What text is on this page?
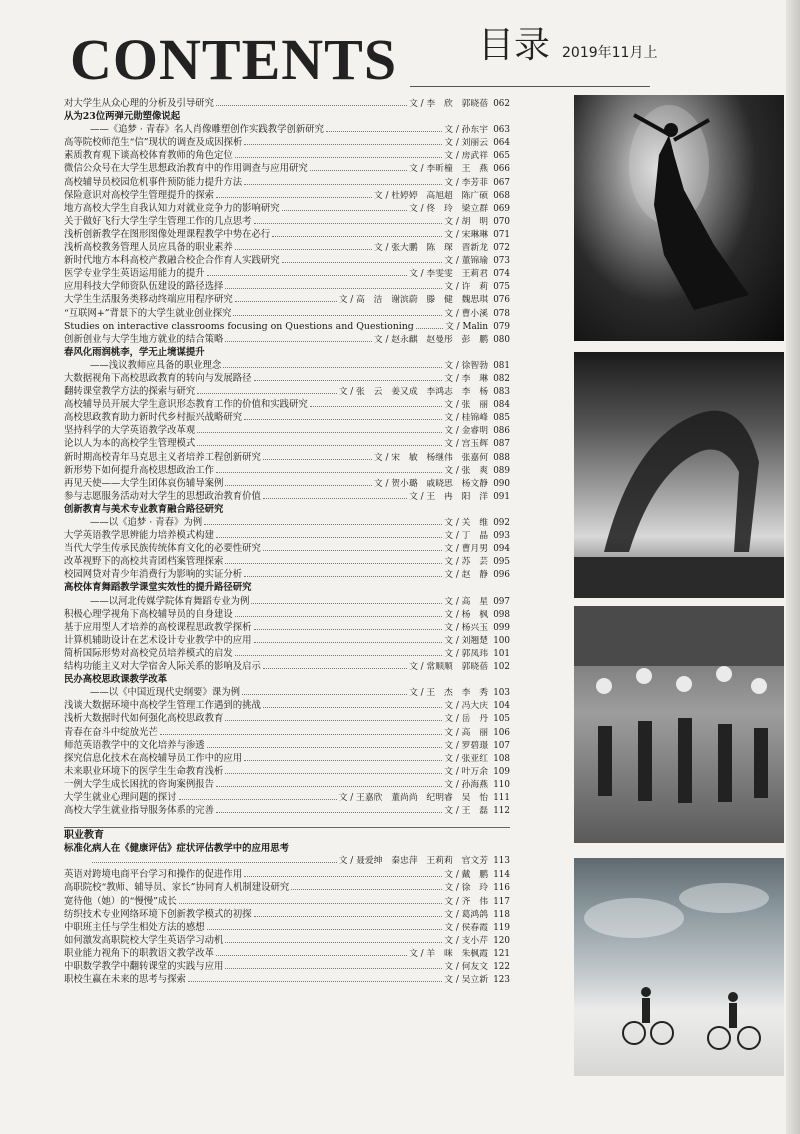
CONTENTS 目录 2019年11月上
对大学生从众心理的分析及引导研究	文 / 李　欣　郭晓蓓 062
从为23位两弹元勋塑像说起
——《追梦 · 青春》名人肖像雕塑创作实践教学创新研究	文 / 孙东宇 063
高等院校师范生“信”现状的调查及成因探析	文 / 刘丽云 064
素质教育观下谈高校体育教师的角色定位	文 / 房武祥 065
微信公众号在大学生思想政治教育中的作用调查与应用研究	文 / 李昕橦　王　燕 066
高校辅导员校园危机事件预防能力提升方法	文 / 李芳菲 067
保险意识对高校学生管理提升的探索	文 / 杜婷婷　高旭超　陈广硕 068
地方高校大学生自我认知力对就业竞争力的影响研究	文 / 佟　玲　梁立群 069
关于做好飞行大学生学生管理工作的几点思考	文 / 胡　明 070
浅析创新教学在图形图像处理课程教学中势在必行	文 / 宋琳琳 071
浅析高校教务管理人员应具备的职业素养	文 / 张大鹏　陈　琛　晋新龙 072
新时代地方本科高校产教融合校企合作育人实践研究	文 / 董锦瑜 073
医学专业学生英语运用能力的提升	文 / 李雯雯　王莉君 074
应用科技大学师资队伍建设的路径选择	文 / 许　莉 075
大学生生活服务类移动终端应用程序研究	文 / 高　洁　谢滨蔚　滕　健　魏思琪 076
“互联网+”背景下的大学生就业创业探究	文 / 曹小溪 078
Studies on interactive classrooms focusing on Questions and Questioning	文 / Malin 079
创新创业与大学生地方就业的结合策略	文 / 赵永麒　赵曼彤　彭　鹏 080
春风化雨润桃李，学无止境谋提升
——浅议教师应具备的职业理念	文 / 徐智勃 081
大数据视角下高校思政教育的转向与发展路径	文 / 李　琳 082
翻转课堂教学方法的探索与研究	文 / 张　云　姜又成　李鸿志　李　杨 083
高校辅导员开展大学生意识形态教育工作的价值和实践研究	文 / 张　丽 084
高校思政教育助力新时代乡村振兴战略研究	文 / 桂锦峰 085
坚持科学的大学英语教学改革观	文 / 金睿明 086
论以人为本的高校学生管理模式	文 / 宫玉辉 087
新时期高校青年马克思主义者培养工程创新研究	文 / 宋　敏　杨继伟　张嘉何 088
新形势下如何提升高校思想政治工作	文 / 张　爽 089
再见天使——大学生团体哀伤辅导案例	文 / 贺小璐　戚晓思　杨文静 090
参与志愿服务活动对大学生的思想政治教育价值	文 / 王　冉　阳　洋 091
创新教育与美术专业教育融合路径研究
——以《追梦 · 青春》为例	文 / 关　维 092
大学英语教学思辨能力培养模式构建	文 / 丁　晶 093
当代大学生传承民族传统体育文化的必要性研究	文 / 曹月男 094
改革视野下的高校共青团档案管理探索	文 / 苏　芸 095
校园网贷对青少年消费行为影响的实证分析	文 / 赵　静 096
高校体育舞蹈教学课堂实效性的提升路径研究
——以河北传媒学院体育舞蹈专业为例	文 / 高　星 097
积极心理学视角下高校辅导员的自身建设	文 / 杨　枫 098
基于应用型人才培养的高校课程思政教学探析	文 / 杨兴玉 099
计算机辅助设计在艺术设计专业教学中的应用	文 / 刘翘楚 100
简析国际形势对高校党员培养模式的启发	文 / 郭凤玮 101
结构功能主义对大学宿舍人际关系的影响及启示	文 / 常顺顺　郭晓蓓 102
民办高校思政课教学改革
——以《中国近现代史纲要》课为例	文 / 王　杰　李　秀 103
浅谈大数据环境中高校学生管理工作遇到的挑战	文 / 冯大庆 104
浅析大数据时代如何强化高校思政教育	文 / 岳　丹 105
青春在奋斗中绽放光芒	文 / 高　丽 106
师范英语教学中的文化培养与渗透	文 / 罗碧璟 107
探究信息化技术在高校辅导员工作中的应用	文 / 张亚红 108
未来职业环境下的医学生生命教育浅析	文 / 叶万余 109
一例大学生成长困扰的咨询案例报告	文 / 孙海燕 110
大学生就业心理问题的探讨	文 / 王嘉欣　董尚尚　纪明睿　吴　怡 111
高校大学生就业指导服务体系的完善	文 / 王　磊 112
职业教育
标准化病人在《健康评估》症状评估教学中的应用思考
文 / 聂爱绅　秦忠萍　王莉莉　官文芳 113
英语对跨境电商平台学习和操作的促进作用	文 / 戴　鹏 114
高职院校“教师、辅导员、家长”协同育人机制建设研究	文 / 徐　玲 116
宽待他（她）的“慢慢”成长	文 / 齐　伟 117
纺织技术专业网络环境下创新教学模式的初探	文 / 葛鸿鸽 118
中职班主任与学生相处方法的感想	文 / 侯春霞 119
如何激发高职院校大学生英语学习动机	文 / 支小芹 120
职业能力视角下的职教语文教学改革	文 / 羊　咪　朱枫霞 121
中职数学教学中翻转课堂的实践与应用	文 / 何友文 122
职校生赢在未来的思考与探索	文 / 吴立新 123
